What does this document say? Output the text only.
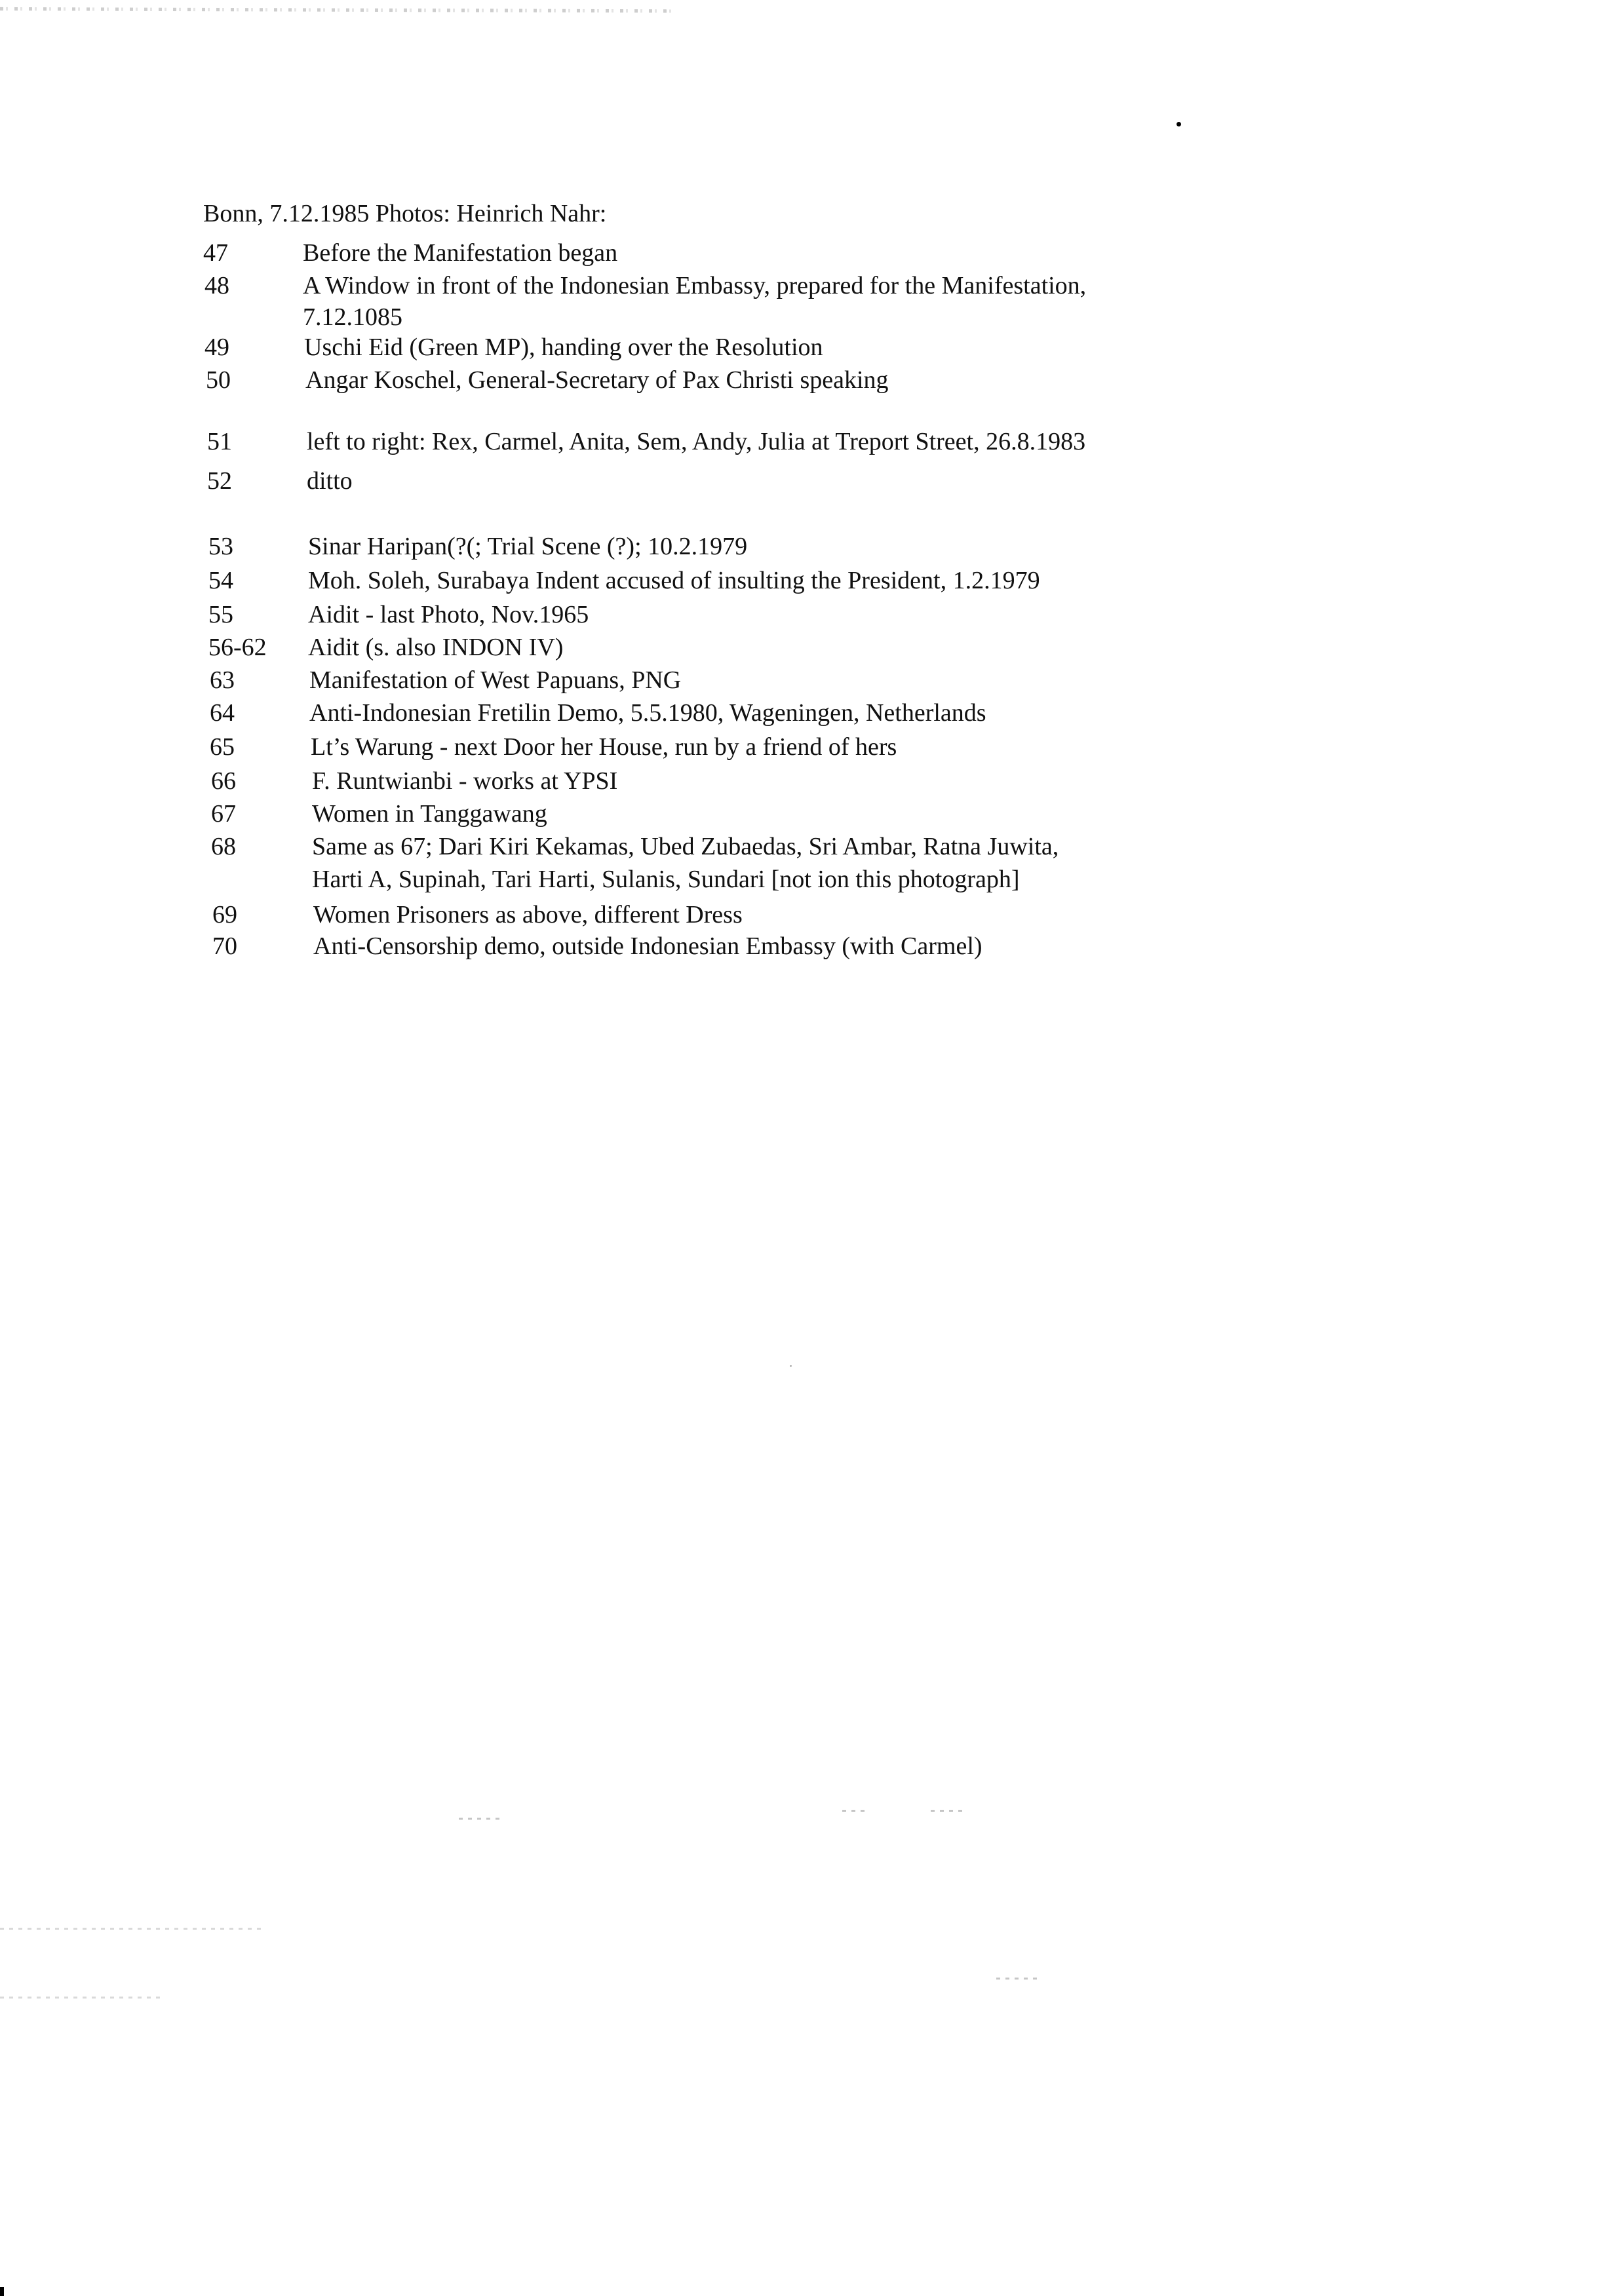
Bonn, 7.12.1985 Photos: Heinrich Nahr:
47	Before the Manifestation began
48	A Window in front of the Indonesian Embassy, prepared for the Manifestation,
7.12.1085
49	Uschi Eid (Green MP), handing over the Resolution
50	Angar Koschel, General-Secretary of Pax Christi speaking
51	left to right: Rex, Carmel, Anita, Sem, Andy, Julia at Treport Street, 26.8.1983
52	ditto
53	Sinar Haripan(?(; Trial Scene (?); 10.2.1979
54	Moh. Soleh, Surabaya Indent accused of insulting the President, 1.2.1979
55	Aidit - last Photo, Nov.1965
56-62 Aidit (s. also INDON IV)
63	Manifestation of West Papuans, PNG
64	Anti-Indonesian Fretilin Demo, 5.5.1980, Wageningen, Netherlands
65	Lt’s Warung - next Door her House, run by a friend of hers
66	F. Runtwianbi - works at YPSI
67	Women in Tanggawang
68	Same as 67; Dari Kiri Kekamas, Ubed Zubaedas, Sri Ambar, Ratna Juwita,
Harti A, Supinah, Tari Harti, Sulanis, Sundari [not ion this photograph]
69	Women Prisoners as above, different Dress
70	Anti-Censorship demo, outside Indonesian Embassy (with Carmel)
